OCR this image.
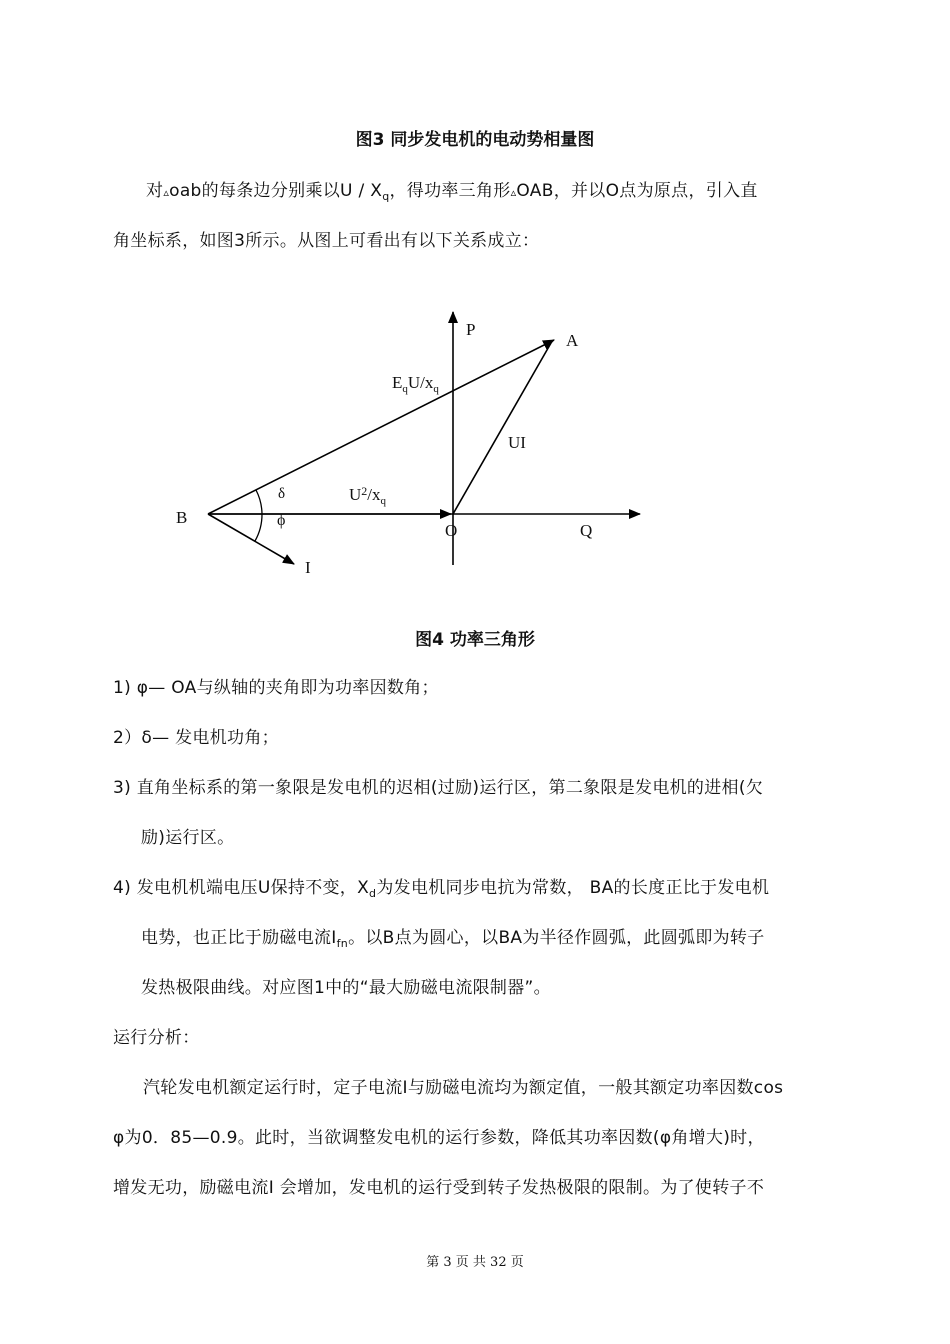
图3 同步发电机的电动势相量图
对▵oab的每条边分别乘以U / $X_q$，得功率三角形▵OAB，并以O点为原点，引入直
角坐标系，如图3所示。从图上可看出有以下关系成立：
P
A
$E_qU/x_q$
UI
δ
ϕ
$U^2/x_q$
B
O	Q
I
图4 功率三角形
1) φ— OA与纵轴的夹角即为功率因数角；
2）δ— 发电机功角；
3) 直角坐标系的第一象限是发电机的迟相(过励)运行区，第二象限是发电机的进相(欠
励)运行区。
4) 发电机机端电压U保持不变，$X_d$为发电机同步电抗为常数， BA的长度正比于发电机
电势，也正比于励磁电流$I_{fn}$。以B点为圆心，以BA为半径作圆弧，此圆弧即为转子
发热极限曲线。对应图1中的“最大励磁电流限制器”。
运行分析：
汽轮发电机额定运行时，定子电流I与励磁电流均为额定值，一般其额定功率因数cos
φ为0．85—0.9。此时，当欲调整发电机的运行参数，降低其功率因数(φ角增大)时，
增发无功，励磁电流I 会增加，发电机的运行受到转子发热极限的限制。为了使转子不
第 3 页 共 32 页
